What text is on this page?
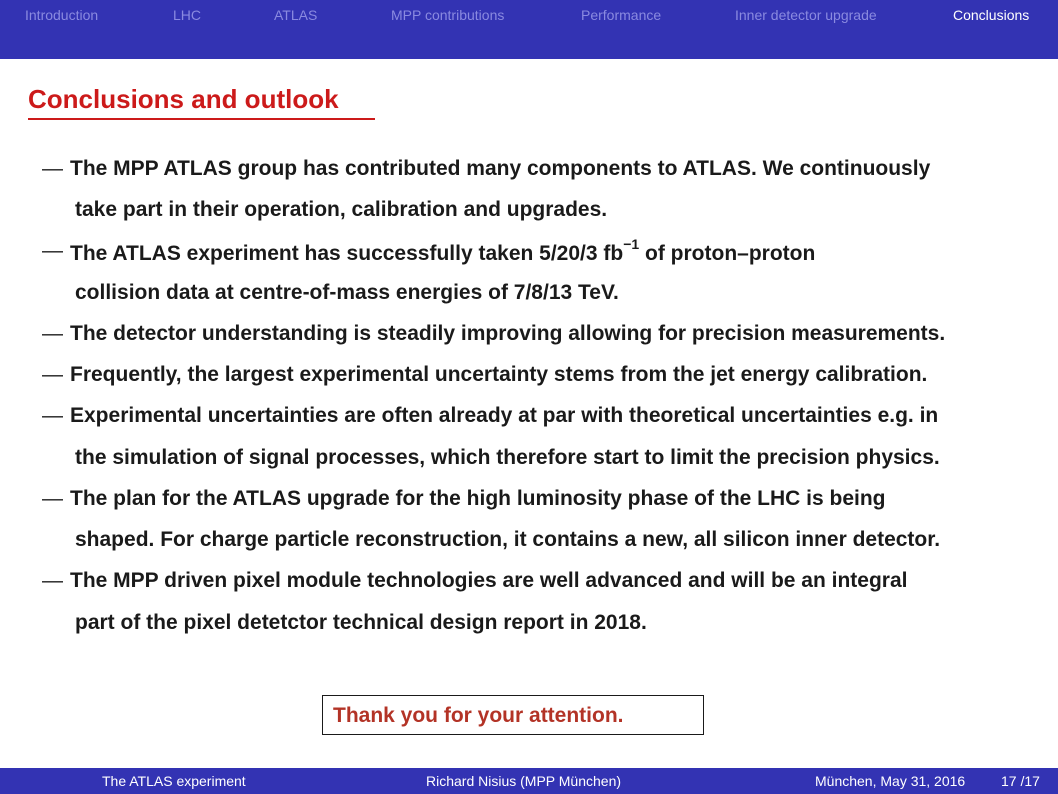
Introduction	LHC	ATLAS	MPP contributions	Performance	Inner detector upgrade	Conclusions
Conclusions and outlook
— The MPP ATLAS group has contributed many components to ATLAS. We continuously
take part in their operation, calibration and upgrades.
— The ATLAS experiment has successfully taken 5/20/3 $fb^{-1}$ of proton–proton
collision data at centre-of-mass energies of 7/8/13 TeV.
— The detector understanding is steadily improving allowing for precision measurements.
— Frequently, the largest experimental uncertainty stems from the jet energy calibration.
— Experimental uncertainties are often already at par with theoretical uncertainties e.g. in
the simulation of signal processes, which therefore start to limit the precision physics.
— The plan for the ATLAS upgrade for the high luminosity phase of the LHC is being
shaped. For charge particle reconstruction, it contains a new, all silicon inner detector.
— The MPP driven pixel module technologies are well advanced and will be an integral
part of the pixel detetctor technical design report in 2018.
Thank you for your attention.
The ATLAS experiment	Richard Nisius (MPP München)	München, May 31, 2016	17 /17
